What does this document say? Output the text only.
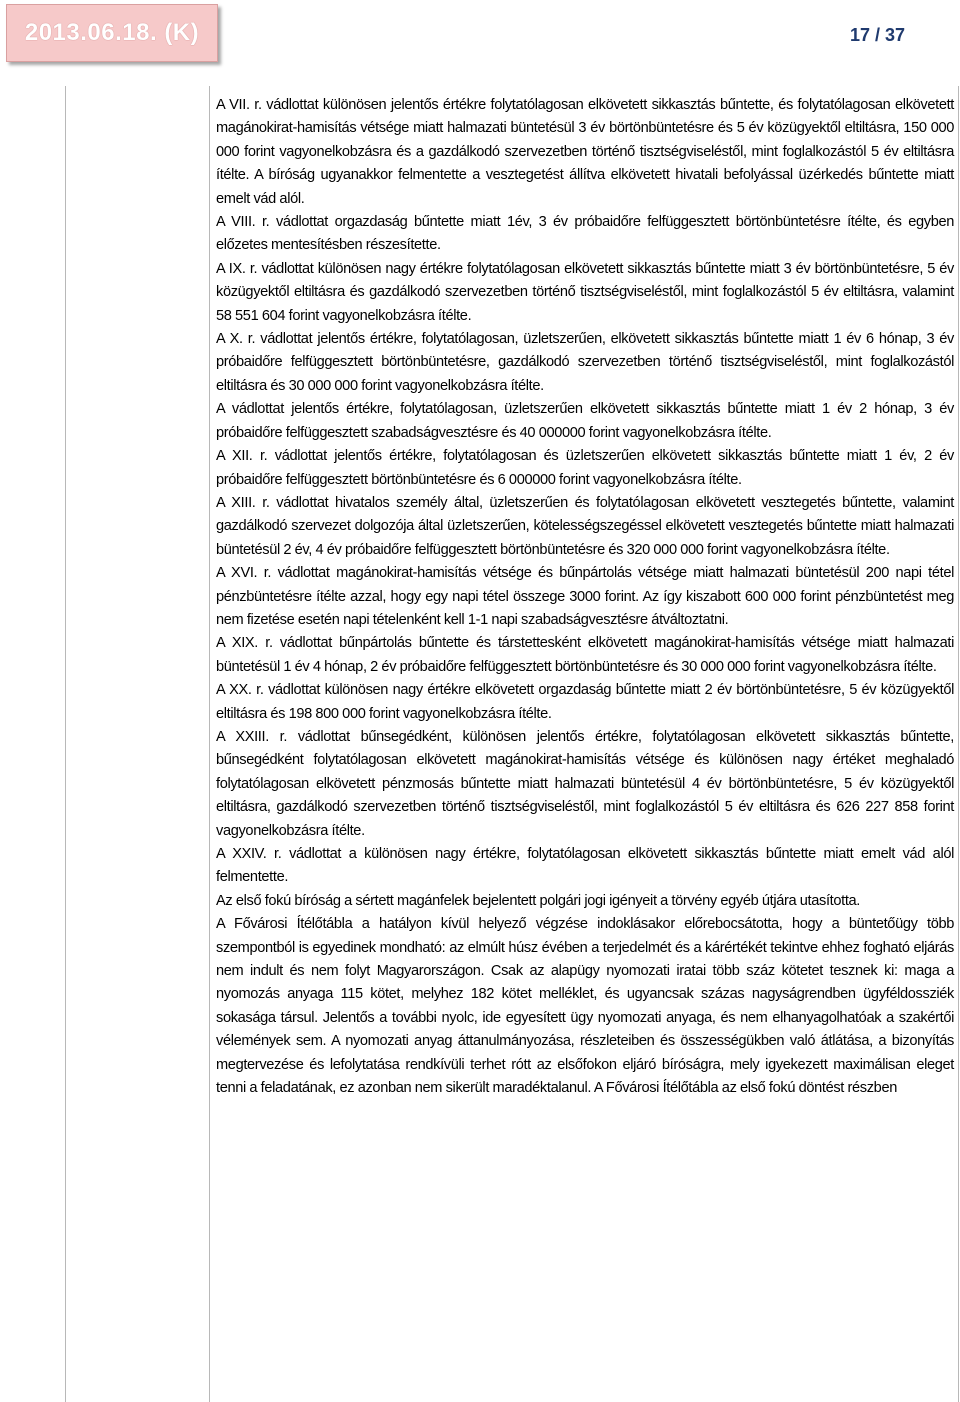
2013.06.18. (K)	17 / 37

A VII. r. vádlottat különösen jelentős értékre folytatólagosan elkövetett sikkasztás bűntette, és folytatólagosan elkövetett magánokirat-hamisítás vétsége miatt halmazati büntetésül 3 év börtönbüntetésre és 5 év közügyektől eltiltásra, 150 000 000 forint vagyonelkobzásra és a gazdálkodó szervezetben történő tisztségviseléstől, mint foglalkozástól 5 év eltiltásra ítélte. A bíróság ugyanakkor felmentette a vesztegetést állítva elkövetett hivatali befolyással üzérkedés bűntette miatt emelt vád alól.

A VIII. r. vádlottat orgazdaság bűntette miatt 1év, 3 év próbaidőre felfüggesztett börtönbüntetésre ítélte, és egyben előzetes mentesítésben részesítette.

A IX. r. vádlottat különösen nagy értékre folytatólagosan elkövetett sikkasztás bűntette miatt 3 év börtönbüntetésre, 5 év közügyektől eltiltásra és gazdálkodó szervezetben történő tisztségviseléstől, mint foglalkozástól 5 év eltiltásra, valamint 58 551 604 forint vagyonelkobzásra ítélte.

A X. r. vádlottat jelentős értékre, folytatólagosan, üzletszerűen, elkövetett sikkasztás bűntette miatt 1 év 6 hónap, 3 év próbaidőre felfüggesztett börtönbüntetésre, gazdálkodó szervezetben történő tisztségviseléstől, mint foglalkozástól eltiltásra és 30 000 000 forint vagyonelkobzásra ítélte.

A vádlottat jelentős értékre, folytatólagosan, üzletszerűen elkövetett sikkasztás bűntette miatt 1 év 2 hónap, 3 év próbaidőre felfüggesztett szabadságvesztésre és 40 000000 forint vagyonelkobzásra ítélte.

A XII. r. vádlottat jelentős értékre, folytatólagosan és üzletszerűen elkövetett sikkasztás bűntette miatt 1 év, 2 év próbaidőre felfüggesztett börtönbüntetésre és 6 000000 forint vagyonelkobzásra ítélte.

A XIII. r. vádlottat hivatalos személy által, üzletszerűen és folytatólagosan elkövetett vesztegetés bűntette, valamint gazdálkodó szervezet dolgozója által üzletszerűen, kötelességszegéssel elkövetett vesztegetés bűntette miatt halmazati büntetésül 2 év, 4 év próbaidőre felfüggesztett börtönbüntetésre és 320 000 000 forint vagyonelkobzásra ítélte.

A XVI. r. vádlottat magánokirat-hamisítás vétsége és bűnpártolás vétsége miatt halmazati büntetésül 200 napi tétel pénzbüntetésre ítélte azzal, hogy egy napi tétel összege 3000 forint. Az így kiszabott 600 000 forint pénzbüntetést meg nem fizetése esetén napi tételenként kell 1-1 napi szabadságvesztésre átváltoztatni.

A XIX. r. vádlottat bűnpártolás bűntette és társtettesként elkövetett magánokirat-hamisítás vétsége miatt halmazati büntetésül 1 év 4 hónap, 2 év próbaidőre felfüggesztett börtönbüntetésre és 30 000 000 forint vagyonelkobzásra ítélte.

A XX. r. vádlottat különösen nagy értékre elkövetett orgazdaság bűntette miatt 2 év börtönbüntetésre, 5 év közügyektől eltiltásra és 198 800 000 forint vagyonelkobzásra ítélte.

A XXIII. r. vádlottat bűnsegédként, különösen jelentős értékre, folytatólagosan elkövetett sikkasztás bűntette, bűnsegédként folytatólagosan elkövetett magánokirat-hamisítás vétsége és különösen nagy értéket meghaladó folytatólagosan elkövetett pénzmosás bűntette miatt halmazati büntetésül 4 év börtönbüntetésre, 5 év közügyektől eltiltásra, gazdálkodó szervezetben történő tisztségviseléstől, mint foglalkozástól 5 év eltiltásra és 626 227 858 forint vagyonelkobzásra ítélte.

A XXIV. r. vádlottat a különösen nagy értékre, folytatólagosan elkövetett sikkasztás bűntette miatt emelt vád alól felmentette.

Az első fokú bíróság a sértett magánfelek bejelentett polgári jogi igényeit a törvény egyéb útjára utasította.

A Fővárosi Ítélőtábla a hatályon kívül helyező végzése indoklásakor előrebocsátotta, hogy a büntetőügy több szempontból is egyedinek mondható: az elmúlt húsz évében a terjedelmét és a kárértékét tekintve ehhez fogható eljárás nem indult és nem folyt Magyarországon. Csak az alapügy nyomozati iratai több száz kötetet tesznek ki: maga a nyomozás anyaga 115 kötet, melyhez 182 kötet melléklet, és ugyancsak százas nagyságrendben ügyféldossziék sokasága társul. Jelentős a további nyolc, ide egyesített ügy nyomozati anyaga, és nem elhanyagolhatóak a szakértői vélemények sem. A nyomozati anyag áttanulmányozása, részleteiben és összességükben való átlátása, a bizonyítás megtervezése és lefolytatása rendkívüli terhet rótt az elsőfokon eljáró bíróságra, mely igyekezett maximálisan eleget tenni a feladatának, ez azonban nem sikerült maradéktalanul. A Fővárosi Ítélőtábla az első fokú döntést részben
